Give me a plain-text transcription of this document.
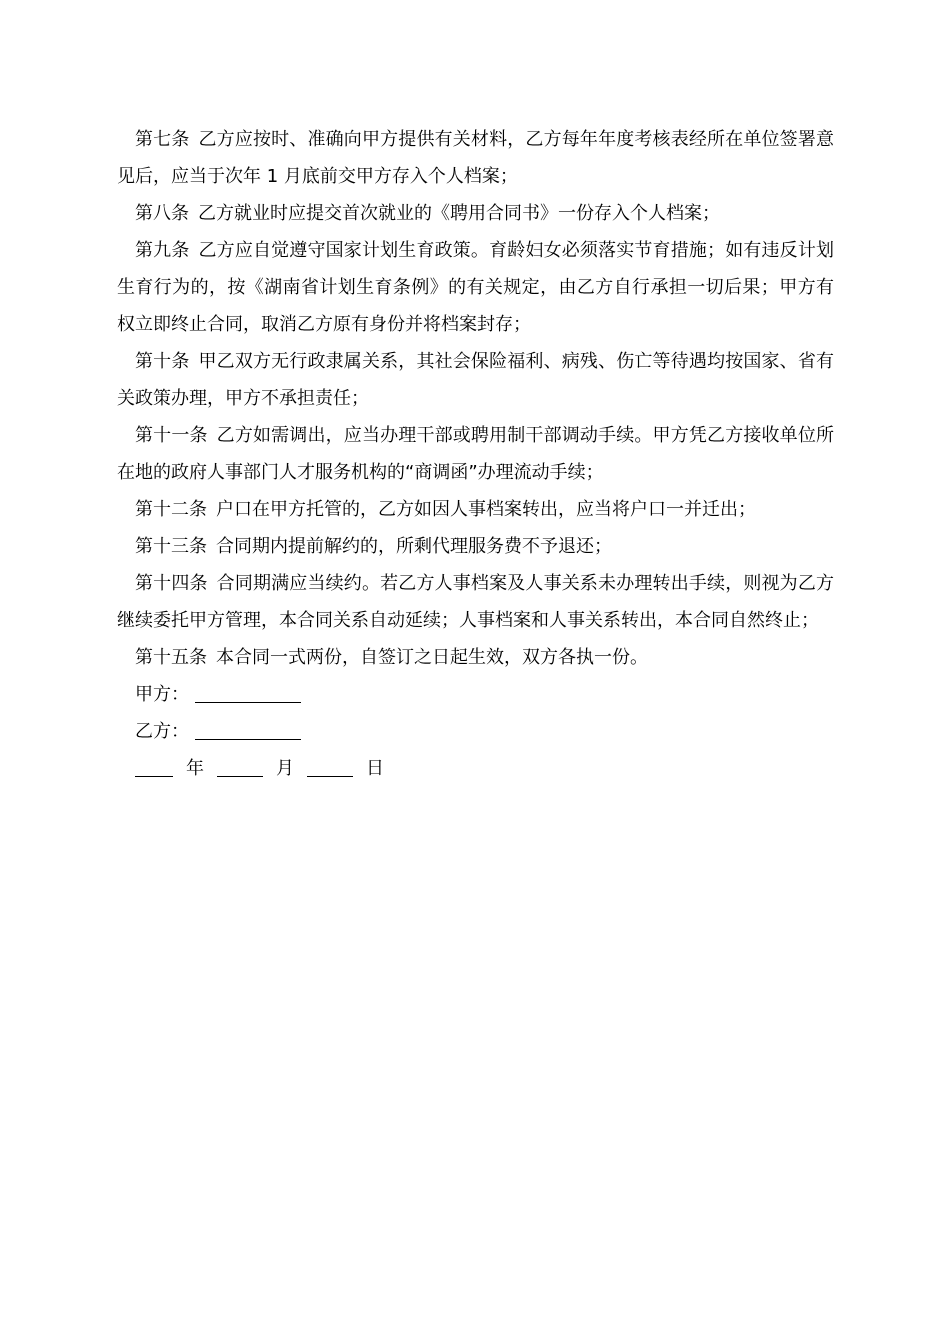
第七条 乙方应按时、准确向甲方提供有关材料，乙方每年年度考核表经所在单位签署意见后，应当于次年 1 月底前交甲方存入个人档案；

第八条 乙方就业时应提交首次就业的《聘用合同书》一份存入个人档案；

第九条 乙方应自觉遵守国家计划生育政策。育龄妇女必须落实节育措施；如有违反计划生育行为的，按《湖南省计划生育条例》的有关规定，由乙方自行承担一切后果；甲方有权立即终止合同，取消乙方原有身份并将档案封存；

第十条 甲乙双方无行政隶属关系，其社会保险福利、病残、伤亡等待遇均按国家、省有关政策办理，甲方不承担责任；

第十一条 乙方如需调出，应当办理干部或聘用制干部调动手续。甲方凭乙方接收单位所在地的政府人事部门人才服务机构的“商调函”办理流动手续；

第十二条 户口在甲方托管的，乙方如因人事档案转出，应当将户口一并迁出；

第十三条 合同期内提前解约的，所剩代理服务费不予退还；

第十四条 合同期满应当续约。若乙方人事档案及人事关系未办理转出手续，则视为乙方继续委托甲方管理，本合同关系自动延续；人事档案和人事关系转出，本合同自然终止；

第十五条 本合同一式两份，自签订之日起生效，双方各执一份。

甲方：

乙方：

年	月	日
